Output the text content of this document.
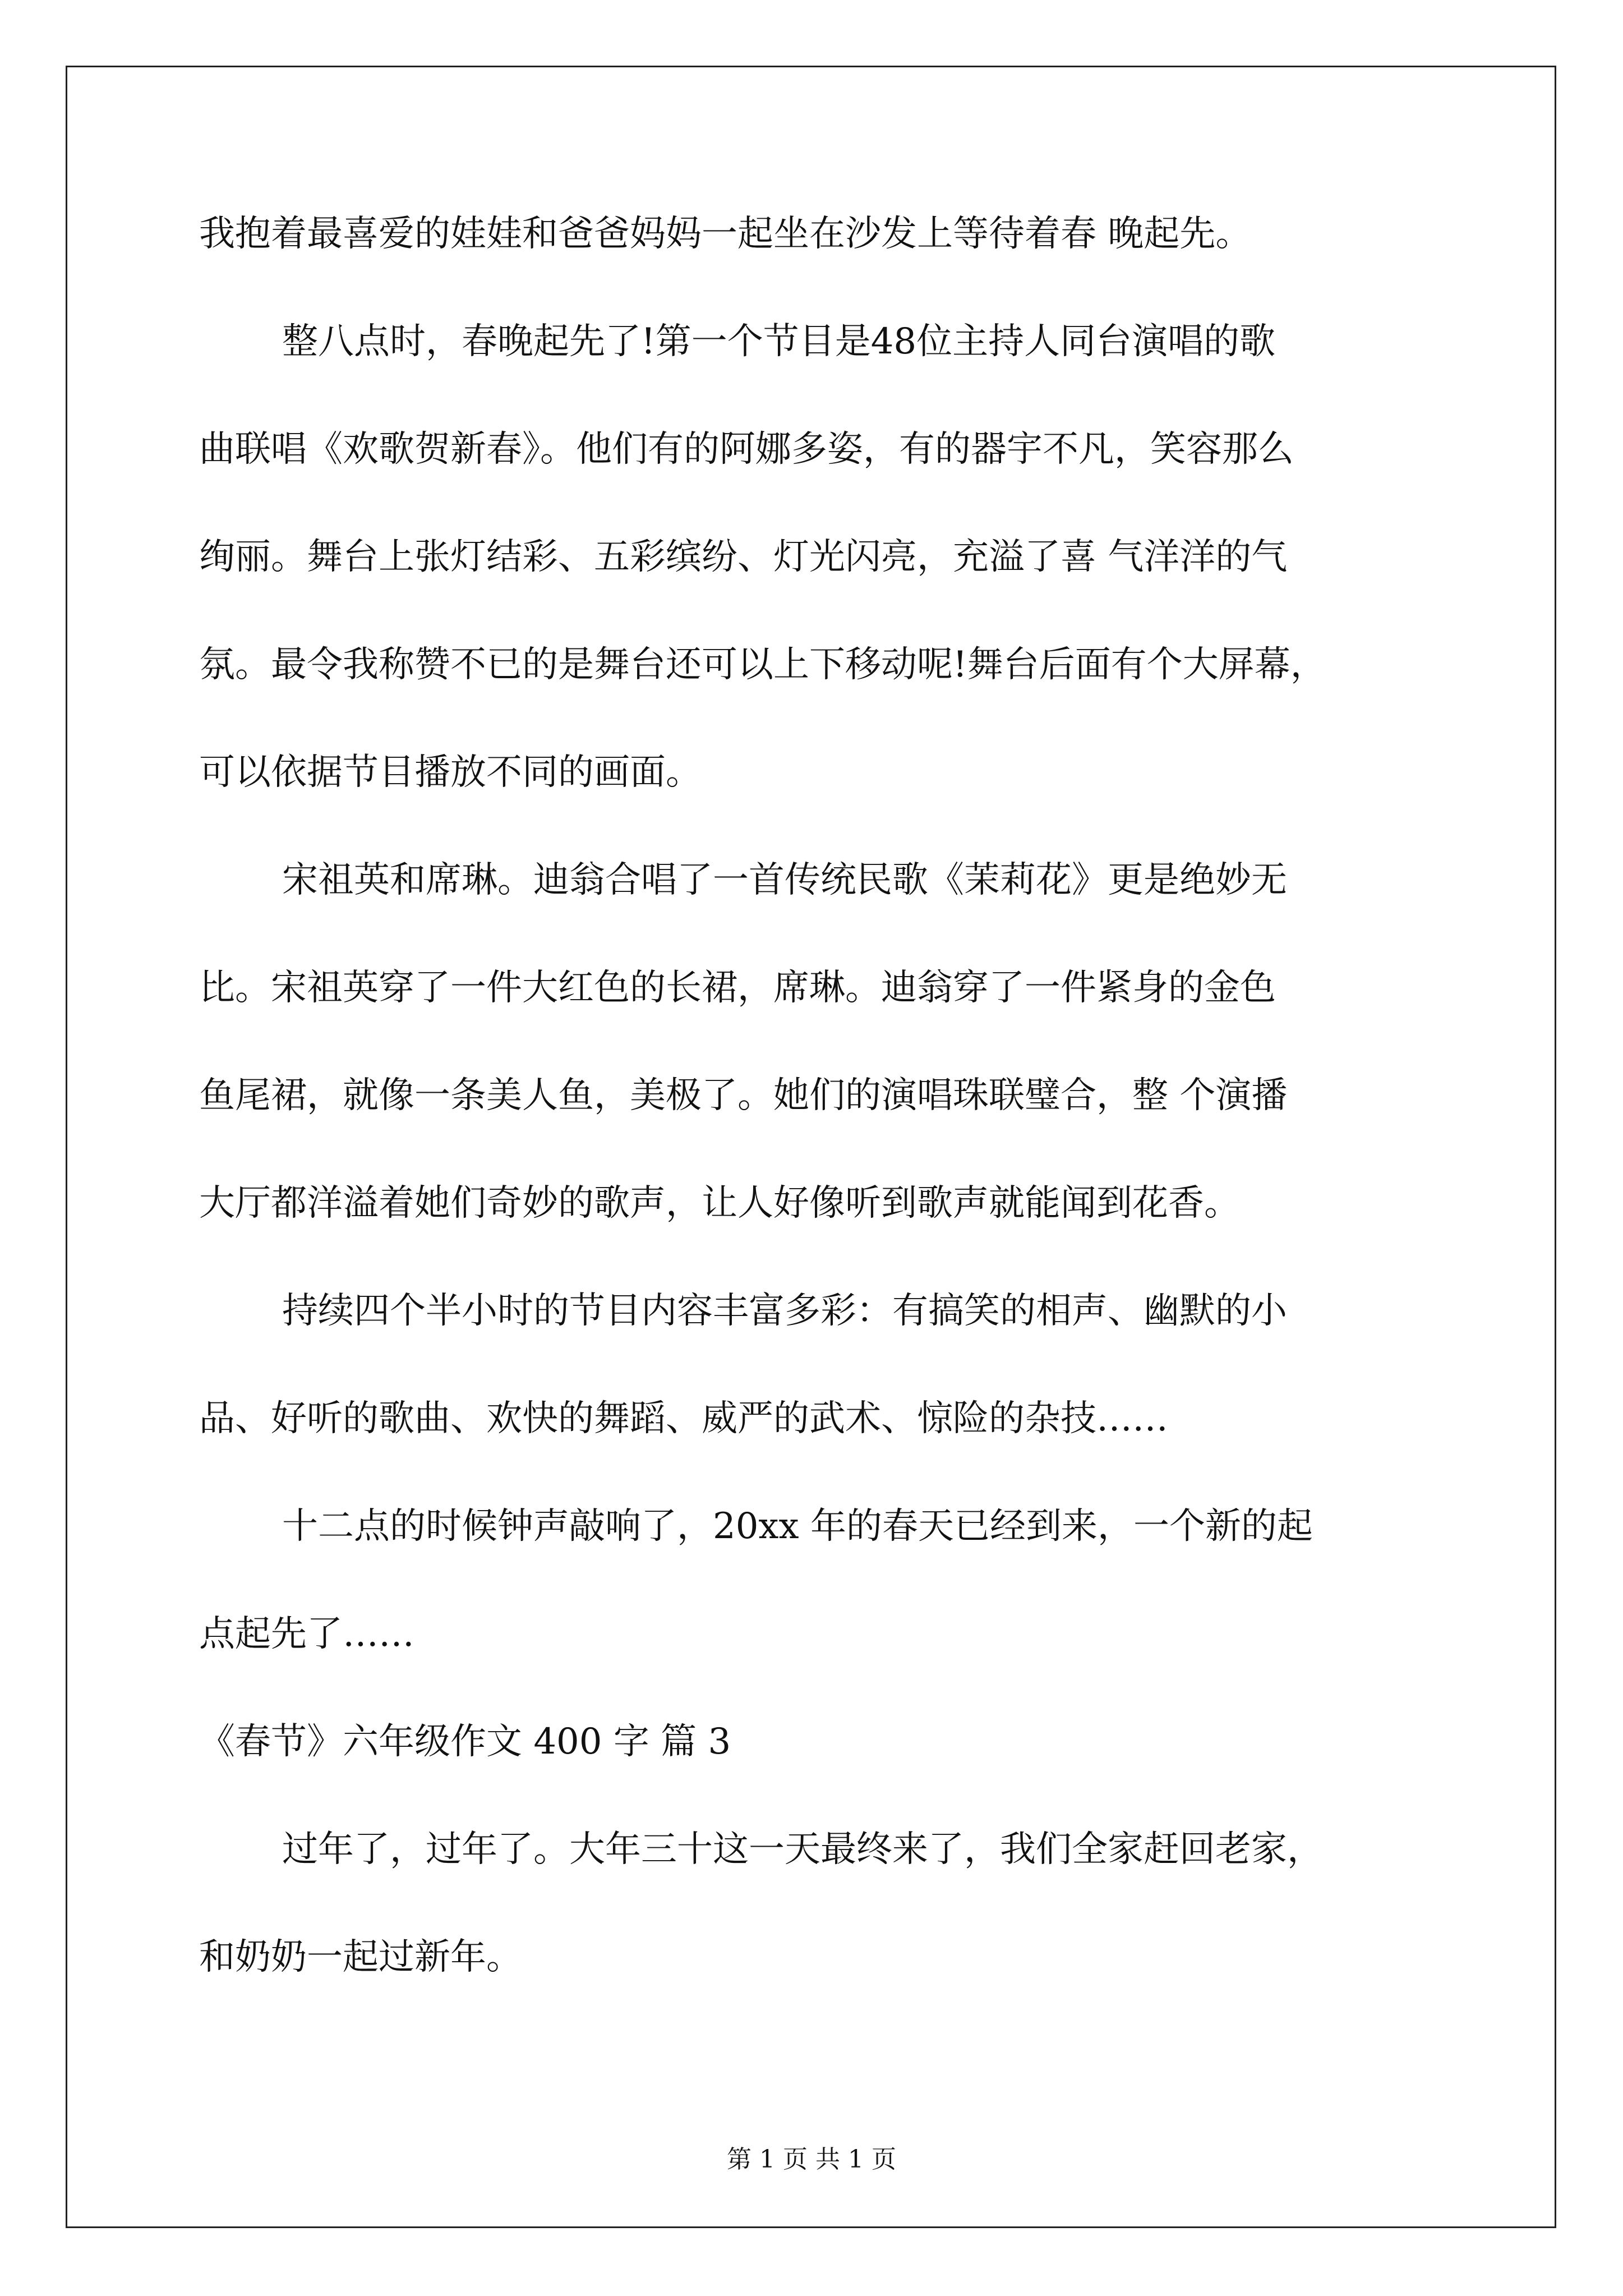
我抱着最喜爱的娃娃和爸爸妈妈一起坐在沙发上等待着春 晚起先。
整八点时，春晚起先了!第一个节目是48位主持人同台演唱的歌
曲联唱《欢歌贺新春》。他们有的阿娜多姿，有的器宇不凡，笑容那么
绚丽。舞台上张灯结彩、五彩缤纷、灯光闪亮，充溢了喜 气洋洋的气
氛。最令我称赞不已的是舞台还可以上下移动呢!舞台后面有个大屏幕，
可以依据节目播放不同的画面。
宋祖英和席琳。迪翁合唱了一首传统民歌《茉莉花》更是绝妙无
比。宋祖英穿了一件大红色的长裙，席琳。迪翁穿了一件紧身的金色
鱼尾裙，就像一条美人鱼，美极了。她们的演唱珠联璧合，整 个演播
大厅都洋溢着她们奇妙的歌声，让人好像听到歌声就能闻到花香。
持续四个半小时的节目内容丰富多彩：有搞笑的相声、幽默的小
品、好听的歌曲、欢快的舞蹈、威严的武术、惊险的杂技……
十二点的时候钟声敲响了，20xx 年的春天已经到来，一个新的起
点起先了……
《春节》六年级作文 400 字 篇 3
过年了，过年了。大年三十这一天最终来了，我们全家赶回老家，
和奶奶一起过新年。
第 1 页 共 1 页
